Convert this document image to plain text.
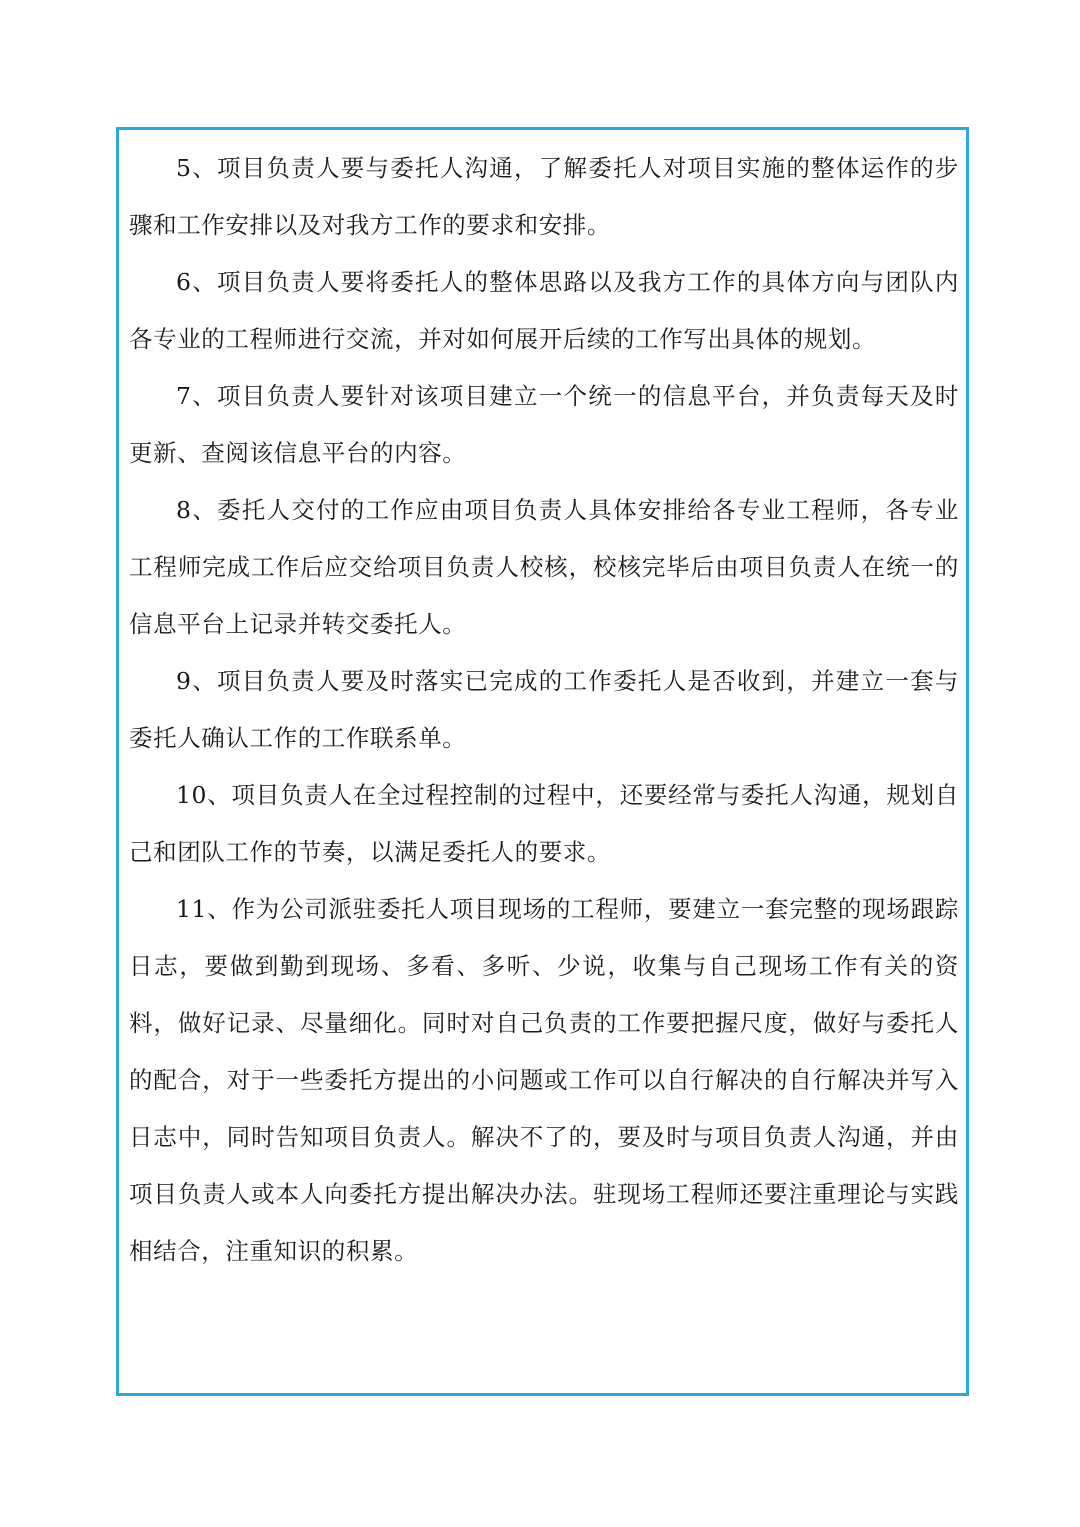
5、项目负责人要与委托人沟通，了解委托人对项目实施的整体运作的步骤和工作安排以及对我方工作的要求和安排。

6、项目负责人要将委托人的整体思路以及我方工作的具体方向与团队内各专业的工程师进行交流，并对如何展开后续的工作写出具体的规划。

7、项目负责人要针对该项目建立一个统一的信息平台，并负责每天及时更新、查阅该信息平台的内容。

8、委托人交付的工作应由项目负责人具体安排给各专业工程师，各专业工程师完成工作后应交给项目负责人校核，校核完毕后由项目负责人在统一的信息平台上记录并转交委托人。

9、项目负责人要及时落实已完成的工作委托人是否收到，并建立一套与委托人确认工作的工作联系单。

10、项目负责人在全过程控制的过程中，还要经常与委托人沟通，规划自己和团队工作的节奏，以满足委托人的要求。

11、作为公司派驻委托人项目现场的工程师，要建立一套完整的现场跟踪日志，要做到勤到现场、多看、多听、少说，收集与自己现场工作有关的资料，做好记录、尽量细化。同时对自己负责的工作要把握尺度，做好与委托人的配合，对于一些委托方提出的小问题或工作可以自行解决的自行解决并写入日志中，同时告知项目负责人。解决不了的，要及时与项目负责人沟通，并由项目负责人或本人向委托方提出解决办法。驻现场工程师还要注重理论与实践相结合，注重知识的积累。
